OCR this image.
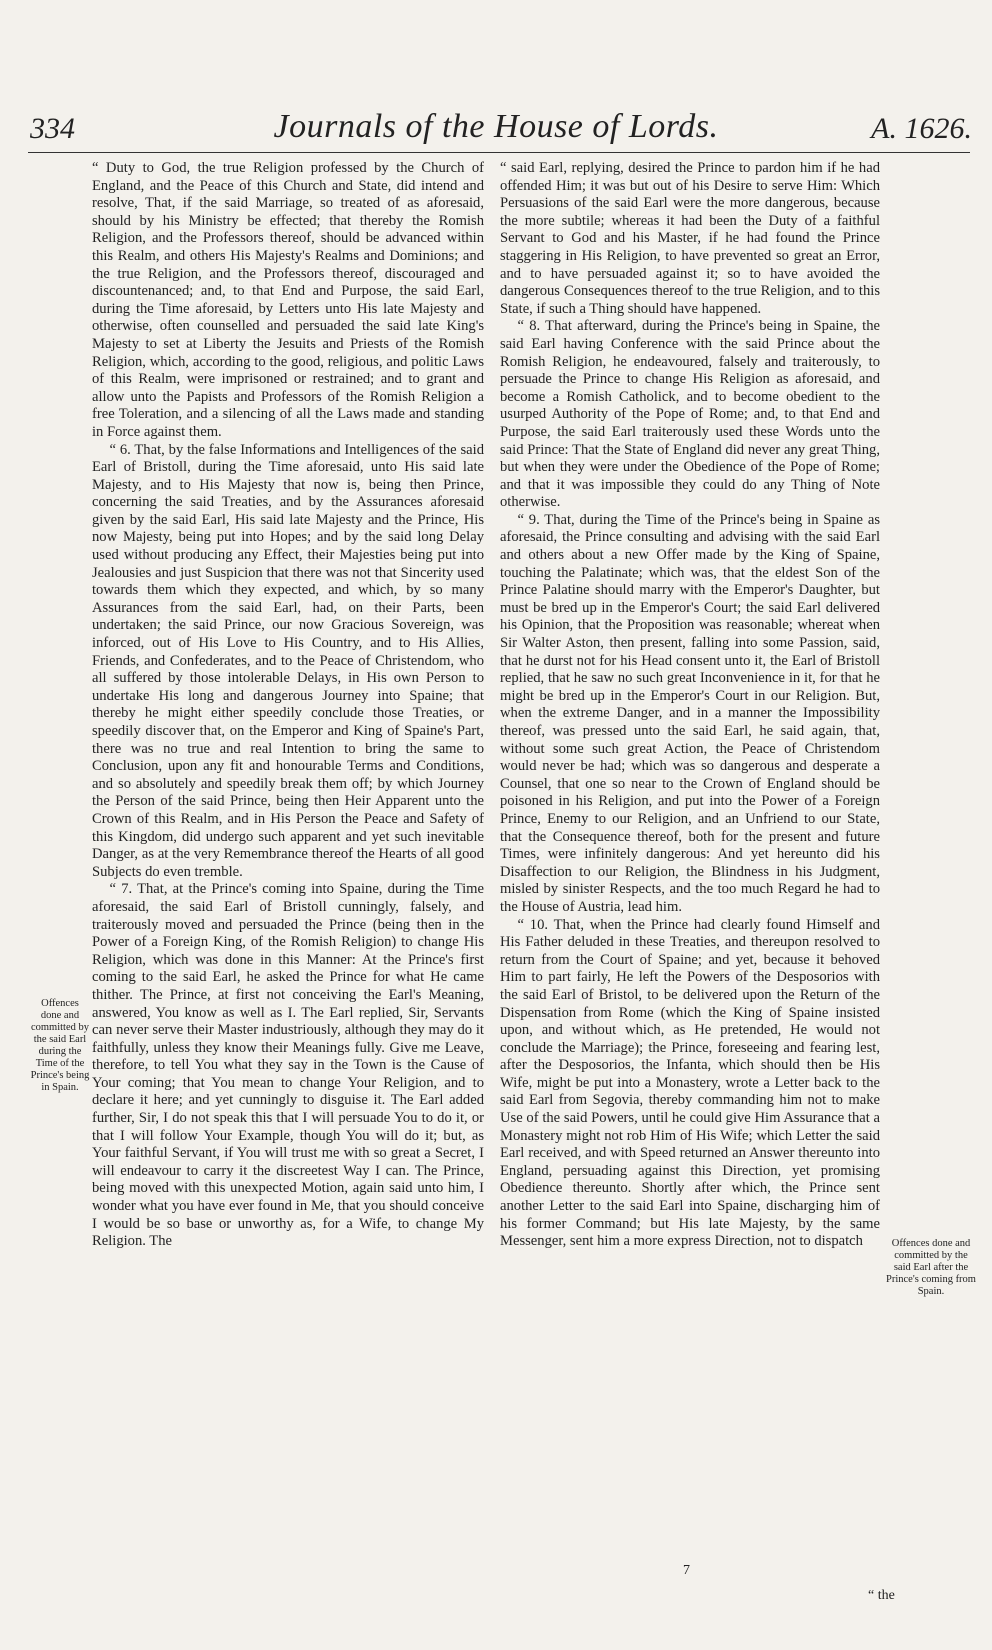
334	Journals of the House of Lords.	A. 1626.
Offences done and committed by the said Earl during the Time of the Prince's being in Spain.

“ Duty to God, the true Religion professed by the Church of England, and the Peace of this Church and State, did intend and resolve, That, if the said Marriage, so treated of as aforesaid, should by his Ministry be effected; that thereby the Romish Religion, and the Professors thereof, should be advanced within this Realm, and others His Majesty's Realms and Dominions; and the true Religion, and the Professors thereof, discouraged and discountenanced; and, to that End and Purpose, the said Earl, during the Time aforesaid, by Letters unto His late Majesty and otherwise, often counselled and persuaded the said late King's Majesty to set at Liberty the Jesuits and Priests of the Romish Religion, which, according to the good, religious, and politic Laws of this Realm, were imprisoned or restrained; and to grant and allow unto the Papists and Professors of the Romish Religion a free Toleration, and a silencing of all the Laws made and standing in Force against them.

“ 6. That, by the false Informations and Intelligences of the said Earl of Bristoll, during the Time aforesaid, unto His said late Majesty, and to His Majesty that now is, being then Prince, concerning the said Treaties, and by the Assurances aforesaid given by the said Earl, His said late Majesty and the Prince, His now Majesty, being put into Hopes; and by the said long Delay used without producing any Effect, their Majesties being put into Jealousies and just Suspicion that there was not that Sincerity used towards them which they expected, and which, by so many Assurances from the said Earl, had, on their Parts, been undertaken; the said Prince, our now Gracious Sovereign, was inforced, out of His Love to His Country, and to His Allies, Friends, and Confederates, and to the Peace of Christendom, who all suffered by those intolerable Delays, in His own Person to undertake His long and dangerous Journey into Spaine; that thereby he might either speedily conclude those Treaties, or speedily discover that, on the Emperor and King of Spaine's Part, there was no true and real Intention to bring the same to Conclusion, upon any fit and honourable Terms and Conditions, and so absolutely and speedily break them off; by which Journey the Person of the said Prince, being then Heir Apparent unto the Crown of this Realm, and in His Person the Peace and Safety of this Kingdom, did undergo such apparent and yet such inevitable Danger, as at the very Remembrance thereof the Hearts of all good Subjects do even tremble.

“ 7. That, at the Prince's coming into Spaine, during the Time aforesaid, the said Earl of Bristoll cunningly, falsely, and traiterously moved and persuaded the Prince (being then in the Power of a Foreign King, of the Romish Religion) to change His Religion, which was done in this Manner: At the Prince's first coming to the said Earl, he asked the Prince for what He came thither. The Prince, at first not conceiving the Earl's Meaning, answered, You know as well as I. The Earl replied, Sir, Servants can never serve their Master industriously, although they may do it faithfully, unless they know their Meanings fully. Give me Leave, therefore, to tell You what they say in the Town is the Cause of Your coming; that You mean to change Your Religion, and to declare it here; and yet cunningly to disguise it. The Earl added further, Sir, I do not speak this that I will persuade You to do it, or that I will follow Your Example, though You will do it; but, as Your faithful Servant, if You will trust me with so great a Secret, I will endeavour to carry it the discreetest Way I can. The Prince, being moved with this unexpected Motion, again said unto him, I wonder what you have ever found in Me, that you should conceive I would be so base or unworthy as, for a Wife, to change My Religion. The

“ said Earl, replying, desired the Prince to pardon him if he had offended Him; it was but out of his Desire to serve Him: Which Persuasions of the said Earl were the more dangerous, because the more subtile; whereas it had been the Duty of a faithful Servant to God and his Master, if he had found the Prince staggering in His Religion, to have prevented so great an Error, and to have persuaded against it; so to have avoided the dangerous Consequences thereof to the true Religion, and to this State, if such a Thing should have happened.

“ 8. That afterward, during the Prince's being in Spaine, the said Earl having Conference with the said Prince about the Romish Religion, he endeavoured, falsely and traiterously, to persuade the Prince to change His Religion as aforesaid, and become a Romish Catholick, and to become obedient to the usurped Authority of the Pope of Rome; and, to that End and Purpose, the said Earl traiterously used these Words unto the said Prince: That the State of England did never any great Thing, but when they were under the Obedience of the Pope of Rome; and that it was impossible they could do any Thing of Note otherwise.

“ 9. That, during the Time of the Prince's being in Spaine as aforesaid, the Prince consulting and advising with the said Earl and others about a new Offer made by the King of Spaine, touching the Palatinate; which was, that the eldest Son of the Prince Palatine should marry with the Emperor's Daughter, but must be bred up in the Emperor's Court; the said Earl delivered his Opinion, that the Proposition was reasonable; whereat when Sir Walter Aston, then present, falling into some Passion, said, that he durst not for his Head consent unto it, the Earl of Bristoll replied, that he saw no such great Inconvenience in it, for that he might be bred up in the Emperor's Court in our Religion. But, when the extreme Danger, and in a manner the Impossibility thereof, was pressed unto the said Earl, he said again, that, without some such great Action, the Peace of Christendom would never be had; which was so dangerous and desperate a Counsel, that one so near to the Crown of England should be poisoned in his Religion, and put into the Power of a Foreign Prince, Enemy to our Religion, and an Unfriend to our State, that the Consequence thereof, both for the present and future Times, were infinitely dangerous: And yet hereunto did his Disaffection to our Religion, the Blindness in his Judgment, misled by sinister Respects, and the too much Regard he had to the House of Austria, lead him.

“ 10. That, when the Prince had clearly found Himself and His Father deluded in these Treaties, and thereupon resolved to return from the Court of Spaine; and yet, because it behoved Him to part fairly, He left the Powers of the Desposorios with the said Earl of Bristol, to be delivered upon the Return of the Dispensation from Rome (which the King of Spaine insisted upon, and without which, as He pretended, He would not conclude the Marriage); the Prince, foreseeing and fearing lest, after the Desposorios, the Infanta, which should then be His Wife, might be put into a Monastery, wrote a Letter back to the said Earl from Segovia, thereby commanding him not to make Use of the said Powers, until he could give Him Assurance that a Monastery might not rob Him of His Wife; which Letter the said Earl received, and with Speed returned an Answer thereunto into England, persuading against this Direction, yet promising Obedience thereunto. Shortly after which, the Prince sent another Letter to the said Earl into Spaine, discharging him of his former Command; but His late Majesty, by the same Messenger, sent him a more express Direction, not to dispatch	Offences done and committed by the said Earl after the Prince's coming from Spain.
7
“ the
